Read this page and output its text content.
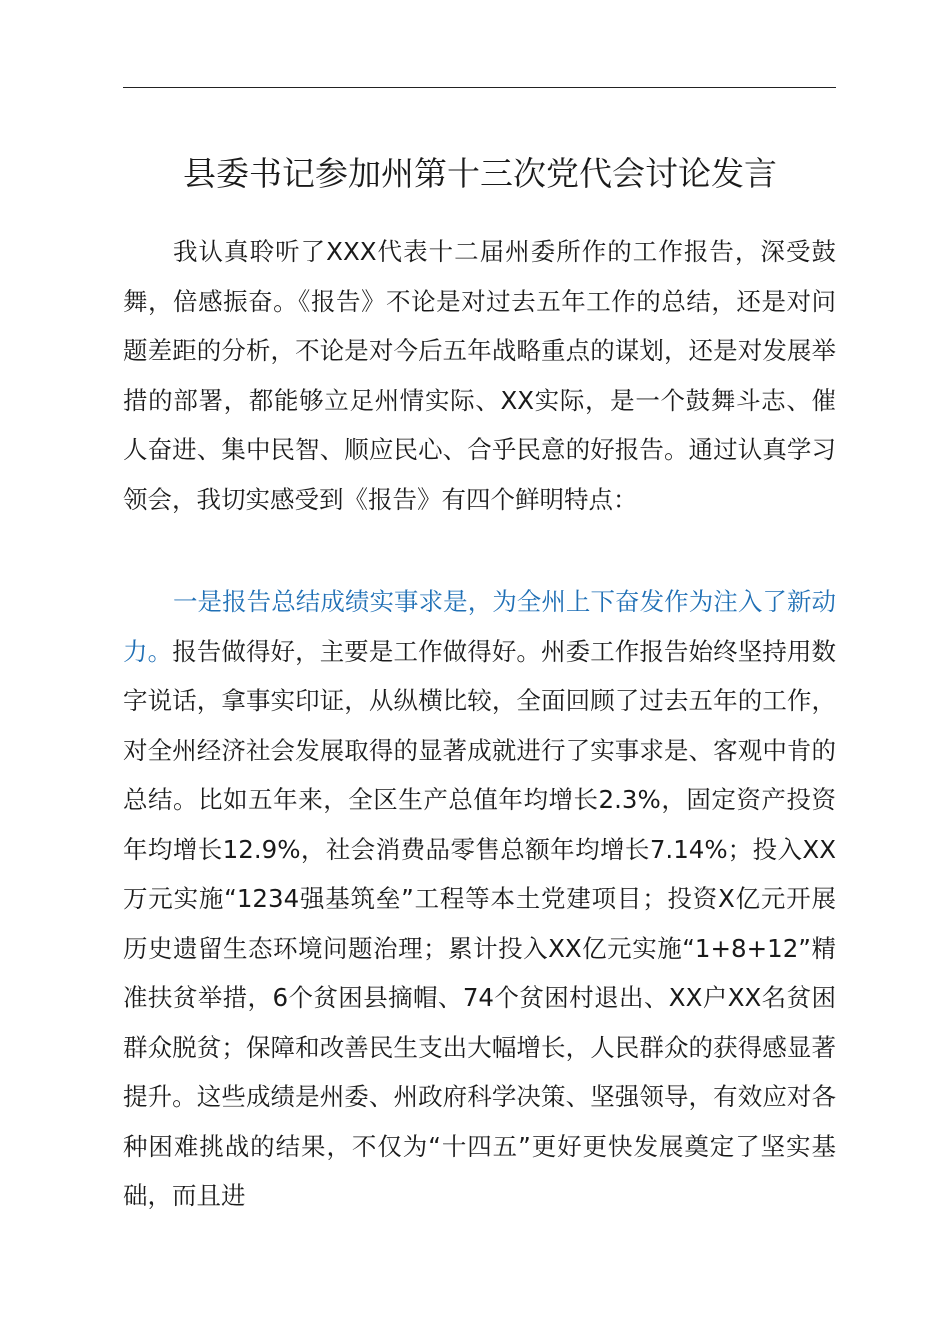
县委书记参加州第十三次党代会讨论发言
我认真聆听了XXX代表十二届州委所作的工作报告，深受鼓舞，倍感振奋。《报告》不论是对过去五年工作的总结，还是对问题差距的分析，不论是对今后五年战略重点的谋划，还是对发展举措的部署，都能够立足州情实际、XX实际，是一个鼓舞斗志、催人奋进、集中民智、顺应民心、合乎民意的好报告。通过认真学习领会，我切实感受到《报告》有四个鲜明特点：
一是报告总结成绩实事求是，为全州上下奋发作为注入了新动力。报告做得好，主要是工作做得好。州委工作报告始终坚持用数字说话，拿事实印证，从纵横比较，全面回顾了过去五年的工作，对全州经济社会发展取得的显著成就进行了实事求是、客观中肯的总结。比如五年来，全区生产总值年均增长2.3%，固定资产投资年均增长12.9%，社会消费品零售总额年均增长7.14%；投入XX万元实施“1234强基筑垒”工程等本土党建项目；投资X亿元开展历史遗留生态环境问题治理；累计投入XX亿元实施“1+8+12”精准扶贫举措，6个贫困县摘帽、74个贫困村退出、XX户XX名贫困群众脱贫；保障和改善民生支出大幅增长，人民群众的获得感显著提升。这些成绩是州委、州政府科学决策、坚强领导，有效应对各种困难挑战的结果，不仅为“十四五”更好更快发展奠定了坚实基础，而且进
